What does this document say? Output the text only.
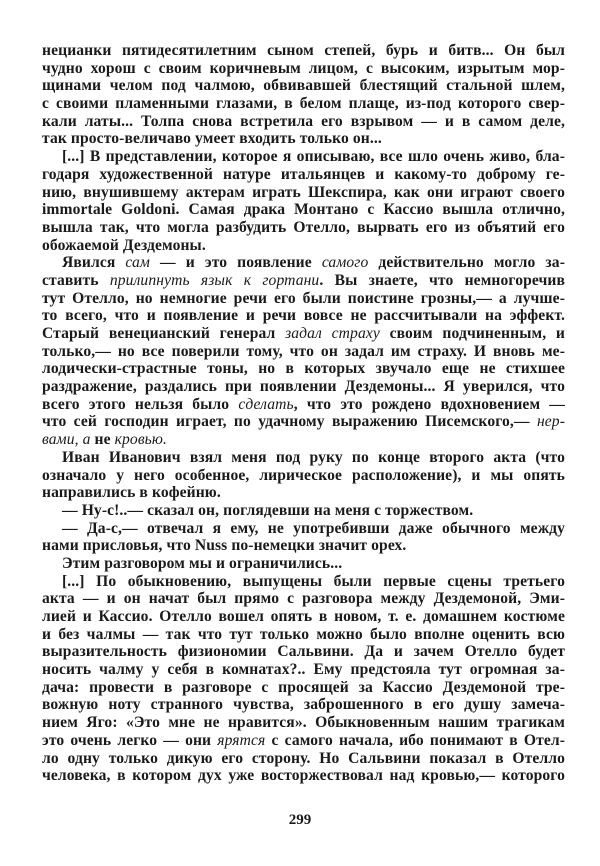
нецианки пятидесятилетним сыном степей, бурь и битв... Он был
чудно хорош с своим коричневым лицом, с высоким, изрытым мор-
щинами челом под чалмою, обвивавшей блестящий стальной шлем,
с своими пламенными глазами, в белом плаще, из-под которого свер-
кали латы... Толпа снова встретила его взрывом — и в самом деле,
так просто-величаво умеет входить только он...
[...] В представлении, которое я описываю, все шло очень живо, бла-
годаря художественной натуре итальянцев и какому-то доброму ге-
нию, внушившему актерам играть Шекспира, как они играют своего
immortale Goldoni. Самая драка Монтано с Кассио вышла отлично,
вышла так, что могла разбудить Отелло, вырвать его из объятий его
обожаемой Дездемоны.
Явился сам — и это появление самого действительно могло за-
ставить прилипнуть язык к гортани. Вы знаете, что немногоречив
тут Отелло, но немногие речи его были поистине грозны,— а лучше-
то всего, что и появление и речи вовсе не рассчитывали на эффект.
Старый венецианский генерал задал страху своим подчиненным, и
только,— но все поверили тому, что он задал им страху. И вновь ме-
лодически-страстные тоны, но в которых звучало еще не стихшее
раздражение, раздались при появлении Дездемоны... Я уверился, что
всего этого нельзя было сделать, что это рождено вдохновением —
что сей господин играет, по удачному выражению Писемского,— нер-
вами, а не кровью.
Иван Иванович взял меня под руку по конце второго акта (что
означало у него особенное, лирическое расположение), и мы опять
направились в кофейню.
— Ну-с!..— сказал он, поглядевши на меня с торжеством.
— Да-с,— отвечал я ему, не употребивши даже обычного между
нами присловья, что Nuss по-немецки значит орех.
Этим разговором мы и ограничились...
[...] По обыкновению, выпущены были первые сцены третьего
акта — и он начат был прямо с разговора между Дездемоной, Эми-
лией и Кассио. Отелло вошел опять в новом, т. е. домашнем костюме
и без чалмы — так что тут только можно было вполне оценить всю
выразительность физиономии Сальвини. Да и зачем Отелло будет
носить чалму у себя в комнатах?.. Ему предстояла тут огромная за-
дача: провести в разговоре с просящей за Кассио Дездемоной тре-
вожную ноту странного чувства, заброшенного в его душу замеча-
нием Яго: «Это мне не нравится». Обыкновенным нашим трагикам
это очень легко — они ярятся с самого начала, ибо понимают в Отел-
ло одну только дикую его сторону. Но Сальвини показал в Отелло
человека, в котором дух уже восторжествовал над кровью,— которого
299
